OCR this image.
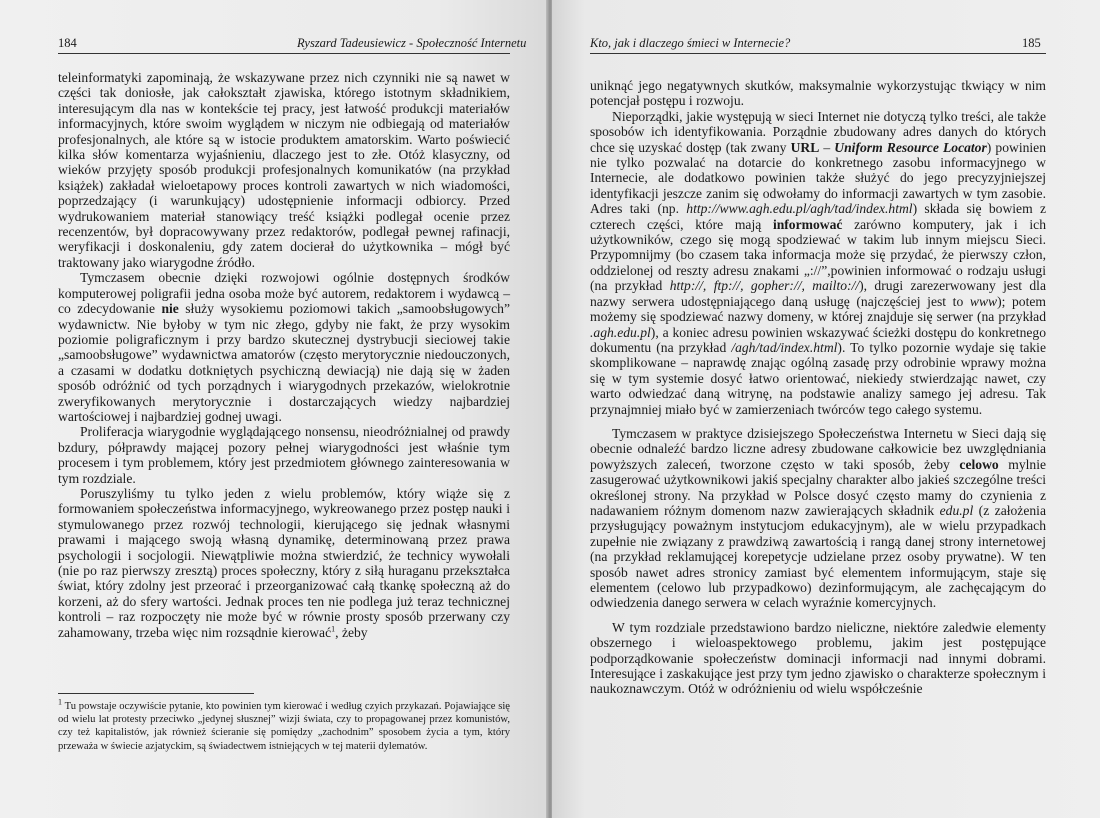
184	Ryszard Tadeusiewicz - Społeczność Internetu

teleinformatyki zapominają, że wskazywane przez nich czynniki nie są nawet w części tak doniosłe, jak całokształt zjawiska, którego istotnym składnikiem, interesującym dla nas w kontekście tej pracy, jest łatwość produkcji materiałów informacyjnych, które swoim wyglądem w niczym nie odbiegają od materiałów profesjonalnych, ale które są w istocie produktem amatorskim. Warto poświecić kilka słów komentarza wyjaśnieniu, dlaczego jest to złe. Otóż klasyczny, od wieków przyjęty sposób produkcji profesjonalnych komunikatów (na przykład książek) zakładał wieloetapowy proces kontroli zawartych w nich wiadomości, poprzedzający (i warunkujący) udostępnienie informacji odbiorcy. Przed wydrukowaniem materiał stanowiący treść książki podlegał ocenie przez recenzentów, był dopracowywany przez redaktorów, podlegał pewnej rafinacji, weryfikacji i doskonaleniu, gdy zatem docierał do użytkownika – mógł być traktowany jako wiarygodne źródło.

Tymczasem obecnie dzięki rozwojowi ogólnie dostępnych środków komputerowej poligrafii jedna osoba może być autorem, redaktorem i wydawcą – co zdecydowanie nie służy wysokiemu poziomowi takich „samoobsługowych” wydawnictw. Nie byłoby w tym nic złego, gdyby nie fakt, że przy wysokim poziomie poligraficznym i przy bardzo skutecznej dystrybucji sieciowej takie „samoobsługowe” wydawnictwa amatorów (często merytorycznie niedouczonych, a czasami w dodatku dotkniętych psychiczną dewiacją) nie dają się w żaden sposób odróżnić od tych porządnych i wiarygodnych przekazów, wielokrotnie zweryfikowanych merytorycznie i dostarczających wiedzy najbardziej wartościowej i najbardziej godnej uwagi.

Proliferacja wiarygodnie wyglądającego nonsensu, nieodróżnialnej od prawdy bzdury, półprawdy mającej pozory pełnej wiarygodności jest właśnie tym procesem i tym problemem, który jest przedmiotem głównego zainteresowania w tym rozdziale.

Poruszyliśmy tu tylko jeden z wielu problemów, który wiąże się z formowaniem społeczeństwa informacyjnego, wykreowanego przez postęp nauki i stymulowanego przez rozwój technologii, kierującego się jednak własnymi prawami i mającego swoją własną dynamikę, determinowaną przez prawa psychologii i socjologii. Niewątpliwie można stwierdzić, że technicy wywołali (nie po raz pierwszy zresztą) proces społeczny, który z siłą huraganu przekształca świat, który zdolny jest przeorać i przeorganizować całą tkankę społeczną aż do korzeni, aż do sfery wartości. Jednak proces ten nie podlega już teraz technicznej kontroli – raz rozpoczęty nie może być w równie prosty sposób przerwany czy zahamowany, trzeba więc nim rozsądnie kierować$^1$, żeby

$^1$ Tu powstaje oczywiście pytanie, kto powinien tym kierować i według czyich przykazań. Pojawiające się od wielu lat protesty przeciwko „jedynej słusznej” wizji świata, czy to propagowanej przez komunistów, czy też kapitalistów, jak również ścieranie się pomiędzy „zachodnim” sposobem życia a tym, który przeważa w świecie azjatyckim, są świadectwem istniejących w tej materii dylematów.
Kto, jak i dlaczego śmieci w Internecie?	185

uniknąć jego negatywnych skutków, maksymalnie wykorzystując tkwiący w nim potencjał postępu i rozwoju.

Nieporządki, jakie występują w sieci Internet nie dotyczą tylko treści, ale także sposobów ich identyfikowania. Porządnie zbudowany adres danych do których chce się uzyskać dostęp (tak zwany URL – Uniform Resource Locator) powinien nie tylko pozwalać na dotarcie do konkretnego zasobu informacyjnego w Internecie, ale dodatkowo powinien także służyć do jego precyzyjniejszej identyfikacji jeszcze zanim się odwołamy do informacji zawartych w tym zasobie. Adres taki (np. http://www.agh.edu.pl/agh/tad/index.html) składa się bowiem z czterech części, które mają informować zarówno komputery, jak i ich użytkowników, czego się mogą spodziewać w takim lub innym miejscu Sieci. Przypomnijmy (bo czasem taka informacja może się przydać, że pierwszy człon, oddzielonej od reszty adresu znakami „://”,powinien informować o rodzaju usługi (na przykład http://, ftp://, gopher://, mailto://), drugi zarezerwowany jest dla nazwy serwera udostępniającego daną usługę (najczęściej jest to www); potem możemy się spodziewać nazwy domeny, w której znajduje się serwer (na przykład .agh.edu.pl), a koniec adresu powinien wskazywać ścieżki dostępu do konkretnego dokumentu (na przykład /agh/tad/index.html). To tylko pozornie wydaje się takie skomplikowane – naprawdę znając ogólną zasadę przy odrobinie wprawy można się w tym systemie dosyć łatwo orientować, niekiedy stwierdzając nawet, czy warto odwiedzać daną witrynę, na podstawie analizy samego jej adresu. Tak przynajmniej miało być w zamierzeniach twórców tego całego systemu.

Tymczasem w praktyce dzisiejszego Społeczeństwa Internetu w Sieci dają się obecnie odnaleźć bardzo liczne adresy zbudowane całkowicie bez uwzględniania powyższych zaleceń, tworzone często w taki sposób, żeby celowo mylnie zasugerować użytkownikowi jakiś specjalny charakter albo jakieś szczególne treści określonej strony. Na przykład w Polsce dosyć często mamy do czynienia z nadawaniem różnym domenom nazw zawierających składnik edu.pl (z założenia przysługujący poważnym instytucjom edukacyjnym), ale w wielu przypadkach zupełnie nie związany z prawdziwą zawartością i rangą danej strony internetowej (na przykład reklamującej korepetycje udzielane przez osoby prywatne). W ten sposób nawet adres stronicy zamiast być elementem informującym, staje się elementem (celowo lub przypadkowo) dezinformującym, ale zachęcającym do odwiedzenia danego serwera w celach wyraźnie komercyjnych.

W tym rozdziale przedstawiono bardzo nieliczne, niektóre zaledwie elementy obszernego i wieloaspektowego problemu, jakim jest postępujące podporządkowanie społeczeństw dominacji informacji nad innymi dobrami. Interesujące i zaskakujące jest przy tym jedno zjawisko o charakterze społecznym i naukoznawczym. Otóż w odróżnieniu od wielu współcześnie
